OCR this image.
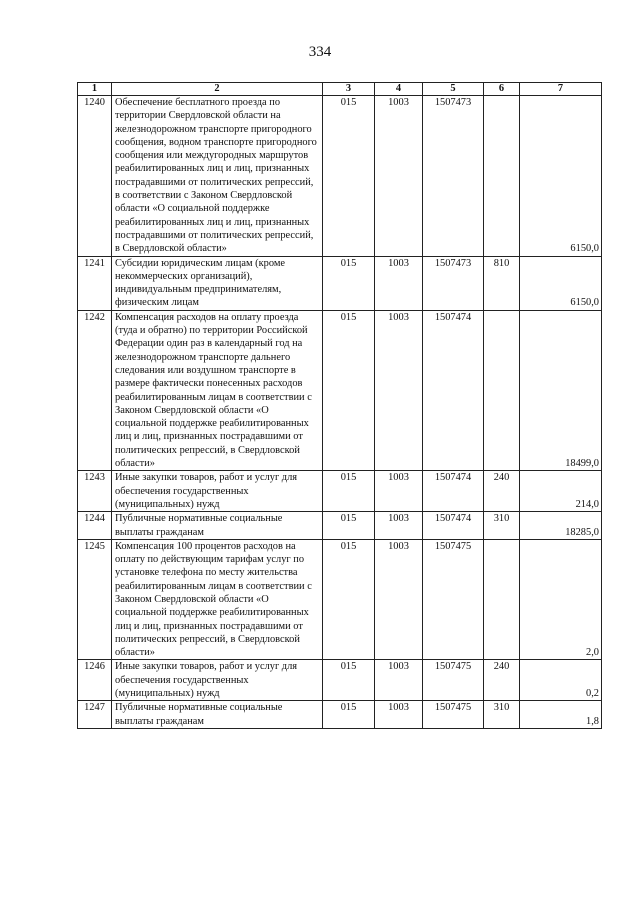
334
1	2	3	4	5	6	7
1240	Обеспечение бесплатного проезда по территории Свердловской области на железнодорожном транспорте пригородного сообщения, водном транспорте пригородного сообщения или междугородных маршрутов реабилитированных лиц и лиц, признанных пострадавшими от политических репрессий, в соответствии с Законом Свердловской области «О социальной поддержке реабилитированных лиц и лиц, признанных пострадавшими от политических репрессий, в Свердловской области»	015	1003	1507473		6150,0
1241	Субсидии юридическим лицам (кроме некоммерческих организаций), индивидуальным предпринимателям, физическим лицам	015	1003	1507473	810	6150,0
1242	Компенсация расходов на оплату проезда (туда и обратно) по территории Российской Федерации один раз в календарный год на железнодорожном транспорте дальнего следования или воздушном транспорте в размере фактически понесенных расходов реабилитированным лицам в соответствии с Законом Свердловской области «О социальной поддержке реабилитированных лиц и лиц, признанных пострадавшими от политических репрессий, в Свердловской области»	015	1003	1507474		18499,0
1243	Иные закупки товаров, работ и услуг для обеспечения государственных (муниципальных) нужд	015	1003	1507474	240	214,0
1244	Публичные нормативные социальные выплаты гражданам	015	1003	1507474	310	18285,0
1245	Компенсация 100 процентов расходов на оплату по действующим тарифам услуг по установке телефона по месту жительства реабилитированным лицам в соответствии с Законом Свердловской области «О социальной поддержке реабилитированных лиц и лиц, признанных пострадавшими от политических репрессий, в Свердловской области»	015	1003	1507475		2,0
1246	Иные закупки товаров, работ и услуг для обеспечения государственных (муниципальных) нужд	015	1003	1507475	240	0,2
1247	Публичные нормативные социальные выплаты гражданам	015	1003	1507475	310	1,8
